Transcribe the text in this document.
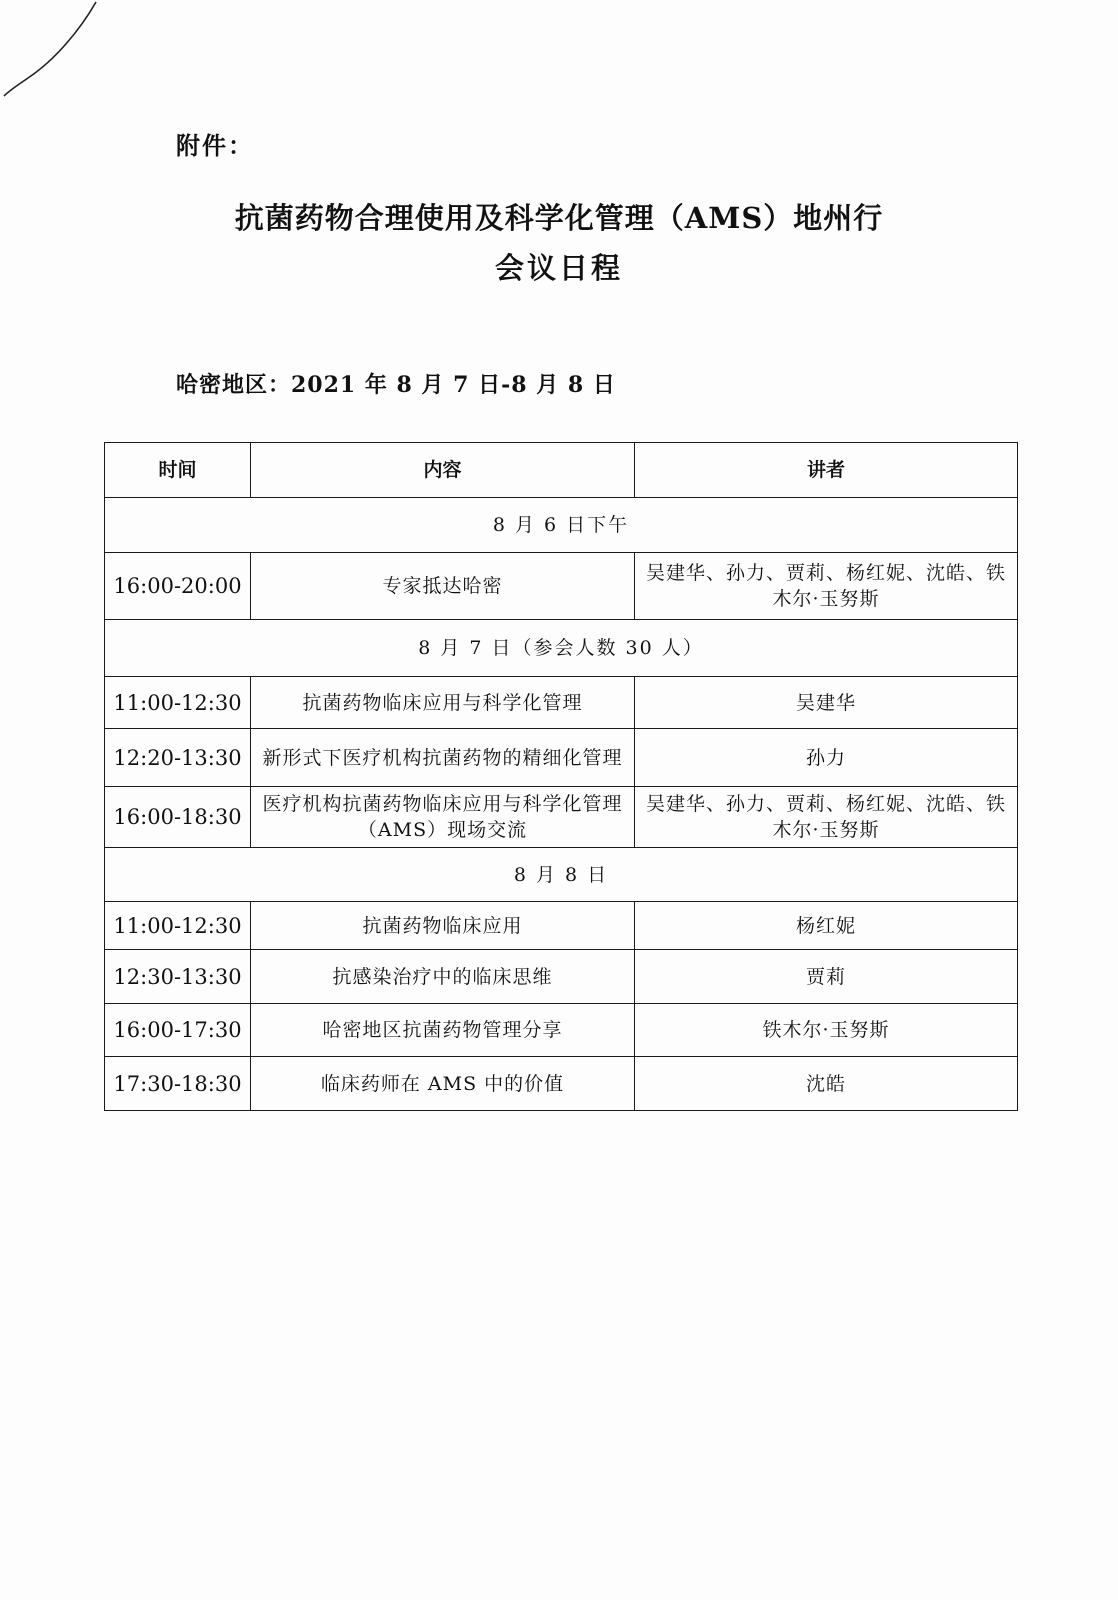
附件：
抗菌药物合理使用及科学化管理（AMS）地州行
会议日程
哈密地区：2021 年 8 月 7 日-8 月 8 日
时间	内容	讲者
8 月 6 日下午		
16:00-20:00	专家抵达哈密	吴建华、孙力、贾莉、杨红妮、沈皓、铁木尔·玉努斯
8 月 7 日（参会人数 30 人）		
11:00-12:30	抗菌药物临床应用与科学化管理	吴建华
12:20-13:30	新形式下医疗机构抗菌药物的精细化管理	孙力
16:00-18:30	医疗机构抗菌药物临床应用与科学化管理 （AMS）现场交流	吴建华、孙力、贾莉、杨红妮、沈皓、铁木尔·玉努斯
8 月 8 日		
11:00-12:30	抗菌药物临床应用	杨红妮
12:30-13:30	抗感染治疗中的临床思维	贾莉
16:00-17:30	哈密地区抗菌药物管理分享	铁木尔·玉努斯
17:30-18:30	临床药师在 AMS 中的价值	沈皓
